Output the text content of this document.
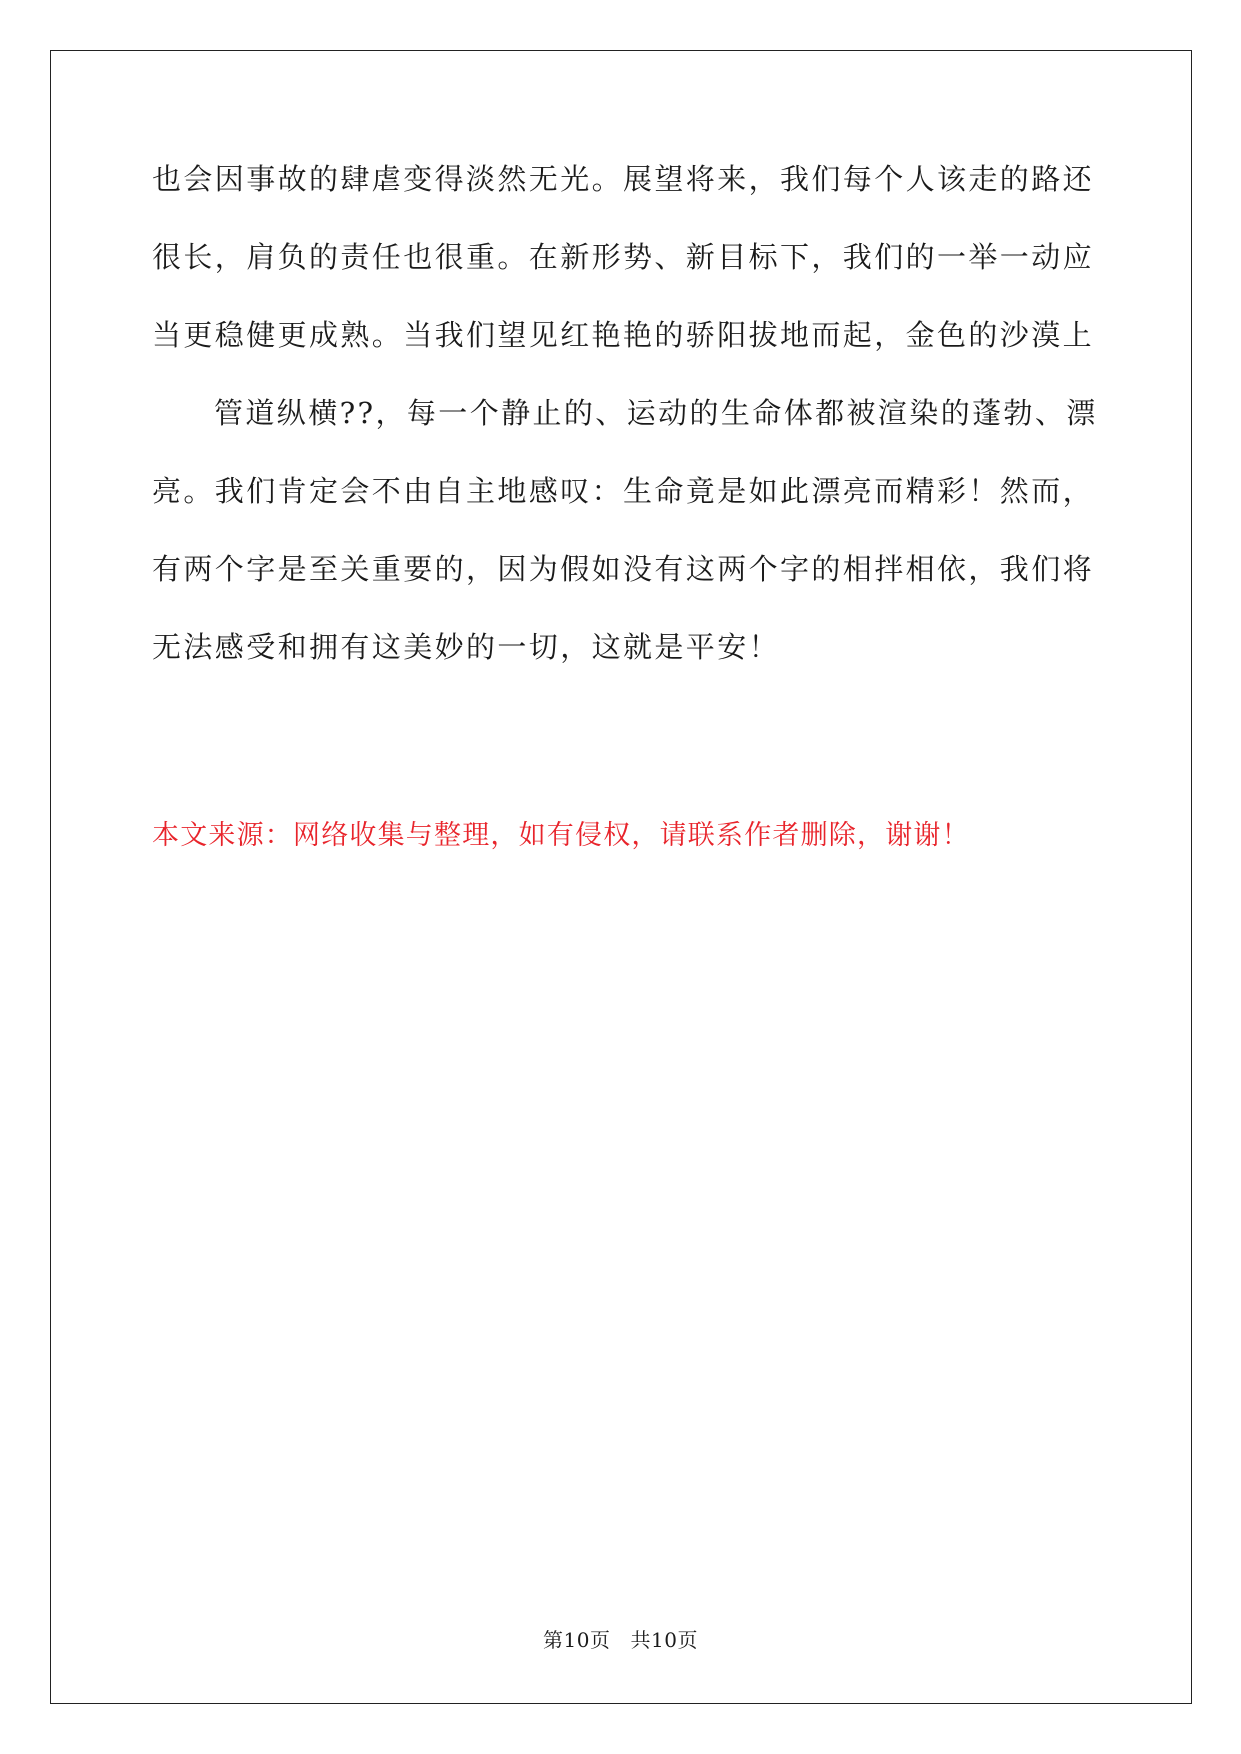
也会因事故的肆虐变得淡然无光。展望将来，我们每个人该走的路还
很长，肩负的责任也很重。在新形势、新目标下，我们的一举一动应
当更稳健更成熟。当我们望见红艳艳的骄阳拔地而起，金色的沙漠上
管道纵横??，每一个静止的、运动的生命体都被渲染的蓬勃、漂
亮。我们肯定会不由自主地感叹：生命竟是如此漂亮而精彩！然而，
有两个字是至关重要的，因为假如没有这两个字的相拌相依，我们将
无法感受和拥有这美妙的一切，这就是平安！
本文来源：网络收集与整理，如有侵权，请联系作者删除，谢谢！
第10页 共10页
